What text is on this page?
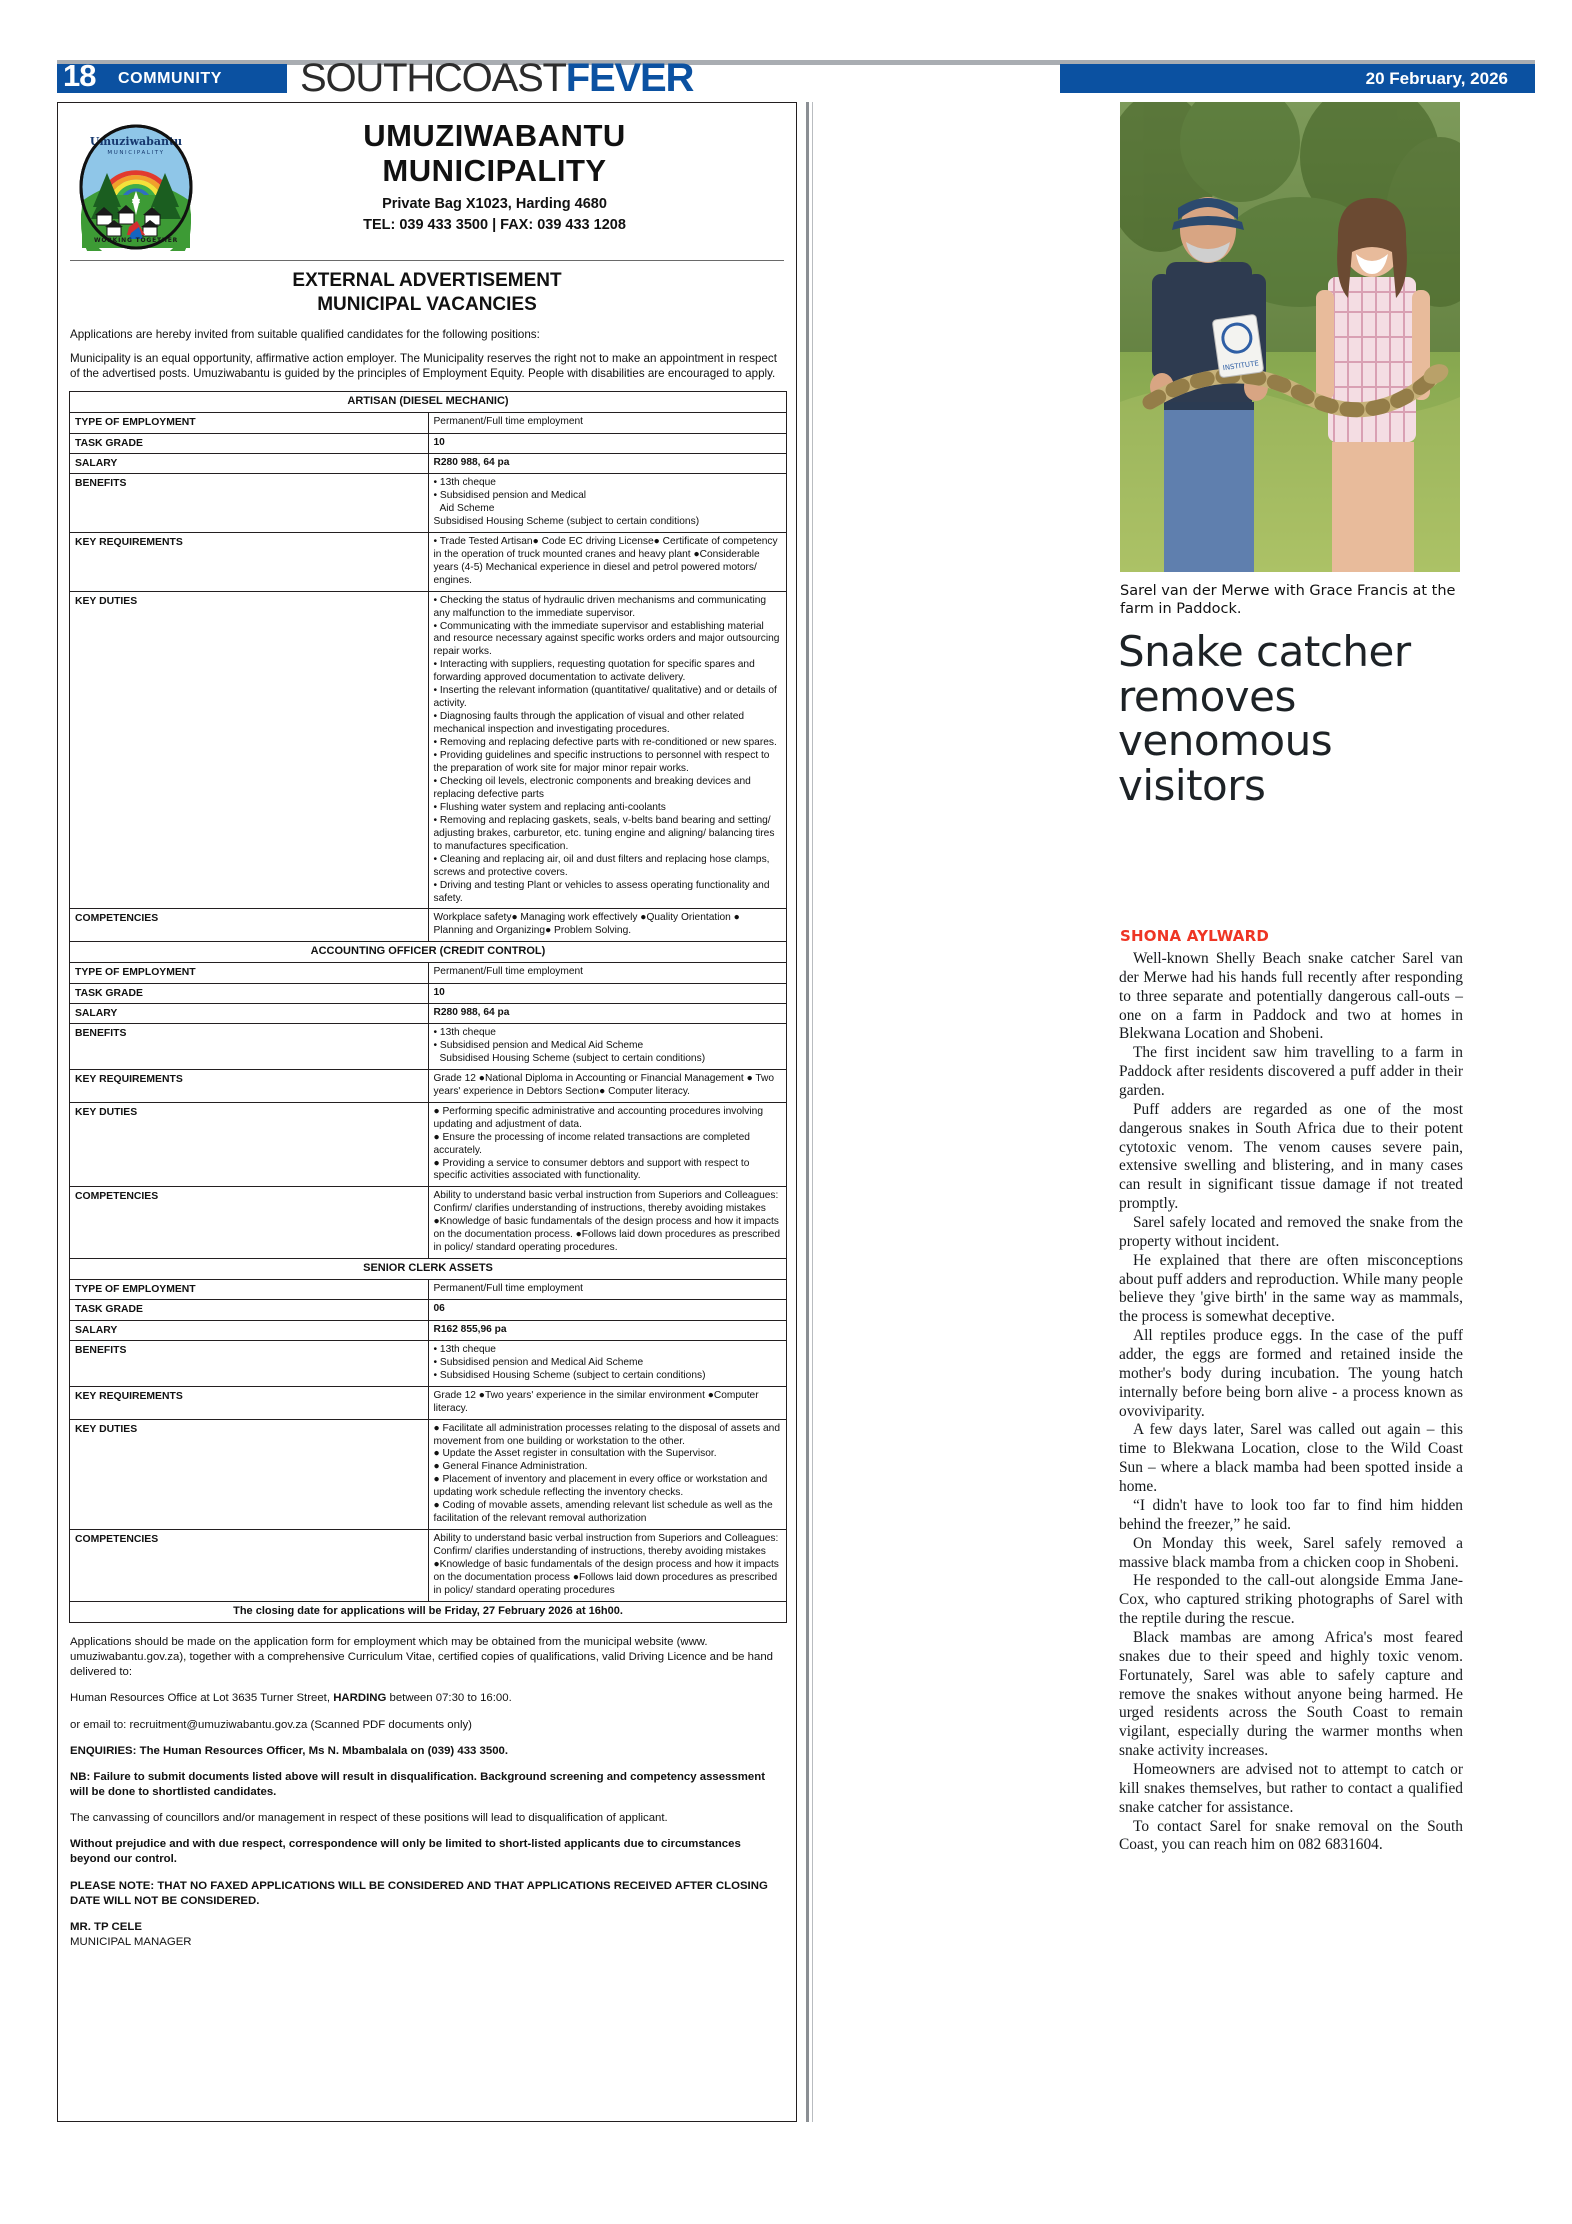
18 COMMUNITY SOUTHCOASTFEVER	20 February, 2026
Umuziwabantu
MUNICIPALITY
WORKING TOGETHER
UMUZIWABANTU
MUNICIPALITY
Private Bag X1023, Harding 4680
TEL: 039 433 3500 | FAX: 039 433 1208
EXTERNAL ADVERTISEMENT
MUNICIPAL VACANCIES
Applications are hereby invited from suitable qualified candidates for the following positions:
Municipality is an equal opportunity, affirmative action employer. The Municipality reserves the right not to make an appointment in respect of the advertised posts. Umuziwabantu is guided by the principles of Employment Equity. People with disabilities are encouraged to apply.
ARTISAN (DIESEL MECHANIC)	
TYPE OF EMPLOYMENT	Permanent/Full time employment

TASK GRADE	10

SALARY	R280 988, 64 pa

BENEFITS	• 13th cheque
• Subsidised pension and Medical
Aid Scheme
Subsidised Housing Scheme (subject to certain conditions)

KEY REQUIREMENTS	• Trade Tested Artisan● Code EC driving License● Certificate of competency in the operation of truck mounted cranes and heavy plant ●Considerable years (4-5) Mechanical experience in diesel and petrol powered motors/ engines.

KEY DUTIES	• Checking the status of hydraulic driven mechanisms and communicating any malfunction to the immediate supervisor.
• Communicating with the immediate supervisor and establishing material and resource necessary against specific works orders and major outsourcing repair works.
• Interacting with suppliers, requesting quotation for specific spares and forwarding approved documentation to activate delivery.
• Inserting the relevant information (quantitative/ qualitative) and or details of activity.
• Diagnosing faults through the application of visual and other related mechanical inspection and investigating procedures.
• Removing and replacing defective parts with re-conditioned or new spares.
• Providing guidelines and specific instructions to personnel with respect to the preparation of work site for major minor repair works.
• Checking oil levels, electronic components and breaking devices and replacing defective parts
• Flushing water system and replacing anti-coolants
• Removing and replacing gaskets, seals, v-belts band bearing and setting/ adjusting brakes, carburetor, etc. tuning engine and aligning/ balancing tires to manufactures specification.
• Cleaning and replacing air, oil and dust filters and replacing hose clamps, screws and protective covers.
• Driving and testing Plant or vehicles to assess operating functionality and safety.

COMPETENCIES	Workplace safety● Managing work effectively ●Quality Orientation ● Planning and Organizing● Problem Solving.

ACCOUNTING OFFICER (CREDIT CONTROL)	
TYPE OF EMPLOYMENT	Permanent/Full time employment

TASK GRADE	10

SALARY	R280 988, 64 pa

BENEFITS	• 13th cheque
• Subsidised pension and Medical Aid Scheme
Subsidised Housing Scheme (subject to certain conditions)

KEY REQUIREMENTS	Grade 12 ●National Diploma in Accounting or Financial Management ● Two years' experience in Debtors Section● Computer literacy.

KEY DUTIES	● Performing specific administrative and accounting procedures involving updating and adjustment of data.
● Ensure the processing of income related transactions are completed accurately.
● Providing a service to consumer debtors and support with respect to specific activities associated with functionality.

COMPETENCIES	Ability to understand basic verbal instruction from Superiors and Colleagues: Confirm/ clarifies understanding of instructions, thereby avoiding mistakes ●Knowledge of basic fundamentals of the design process and how it impacts on the documentation process. ●Follows laid down procedures as prescribed in policy/ standard operating procedures.

SENIOR CLERK ASSETS	
TYPE OF EMPLOYMENT	Permanent/Full time employment

TASK GRADE	06

SALARY	R162 855,96 pa

BENEFITS	• 13th cheque
• Subsidised pension and Medical Aid Scheme
• Subsidised Housing Scheme (subject to certain conditions)

KEY REQUIREMENTS	Grade 12 ●Two years' experience in the similar environment ●Computer literacy.

KEY DUTIES	● Facilitate all administration processes relating to the disposal of assets and movement from one building or workstation to the other.
● Update the Asset register in consultation with the Supervisor.
● General Finance Administration.
● Placement of inventory and placement in every office or workstation and updating work schedule reflecting the inventory checks.
● Coding of movable assets, amending relevant list schedule as well as the facilitation of the relevant removal authorization

COMPETENCIES	Ability to understand basic verbal instruction from Superiors and Colleagues: Confirm/ clarifies understanding of instructions, thereby avoiding mistakes ●Knowledge of basic fundamentals of the design process and how it impacts on the documentation process ●Follows laid down procedures as prescribed in policy/ standard operating procedures

The closing date for applications will be Friday, 27 February 2026 at 16h00.	
Applications should be made on the application form for employment which may be obtained from the municipal website (www. umuziwabantu.gov.za), together with a comprehensive Curriculum Vitae, certified copies of qualifications, valid Driving Licence and be hand delivered to:
Human Resources Office at Lot 3635 Turner Street, HARDING between 07:30 to 16:00.
or email to: recruitment@umuziwabantu.gov.za (Scanned PDF documents only)
ENQUIRIES: The Human Resources Officer, Ms N. Mbambalala on (039) 433 3500.
NB: Failure to submit documents listed above will result in disqualification. Background screening and competency assessment will be done to shortlisted candidates.
The canvassing of councillors and/or management in respect of these positions will lead to disqualification of applicant.
Without prejudice and with due respect, correspondence will only be limited to short-listed applicants due to circumstances beyond our control.
PLEASE NOTE: THAT NO FAXED APPLICATIONS WILL BE CONSIDERED AND THAT APPLICATIONS RECEIVED AFTER CLOSING DATE WILL NOT BE CONSIDERED.
MR. TP CELE
MUNICIPAL MANAGER
INSTITUTE
Sarel van der Merwe with Grace Francis at the farm in Paddock.
Snake catcher removes venomous visitors
SHONA AYLWARD

Well-known Shelly Beach snake catcher Sarel van der Merwe had his hands full recently after responding to three separate and potentially dangerous call-outs – one on a farm in Paddock and two at homes in Blekwana Location and Shobeni.

The first incident saw him travelling to a farm in Paddock after residents discovered a puff adder in their garden.

Puff adders are regarded as one of the most dangerous snakes in South Africa due to their potent cytotoxic venom. The venom causes severe pain, extensive swelling and blistering, and in many cases can result in significant tissue damage if not treated promptly.

Sarel safely located and removed the snake from the property without incident.

He explained that there are often misconceptions about puff adders and reproduction. While many people believe they 'give birth' in the same way as mammals, the process is somewhat deceptive.

All reptiles produce eggs. In the case of the puff adder, the eggs are formed and retained inside the mother's body during incubation. The young hatch internally before being born alive - a process known as ovoviviparity.

A few days later, Sarel was called out again – this time to Blekwana Location, close to the Wild Coast Sun – where a black mamba had been spotted inside a home.

“I didn't have to look too far to find him hidden behind the freezer,” he said.

On Monday this week, Sarel safely removed a massive black mamba from a chicken coop in Shobeni.

He responded to the call-out alongside Emma Jane-Cox, who captured striking photographs of Sarel with the reptile during the rescue.

Black mambas are among Africa's most feared snakes due to their speed and highly toxic venom. Fortunately, Sarel was able to safely capture and remove the snakes without anyone being harmed. He urged residents across the South Coast to remain vigilant, especially during the warmer months when snake activity increases.

Homeowners are advised not to attempt to catch or kill snakes themselves, but rather to contact a qualified snake catcher for assistance.

To contact Sarel for snake removal on the South Coast, you can reach him on 082 6831604.
